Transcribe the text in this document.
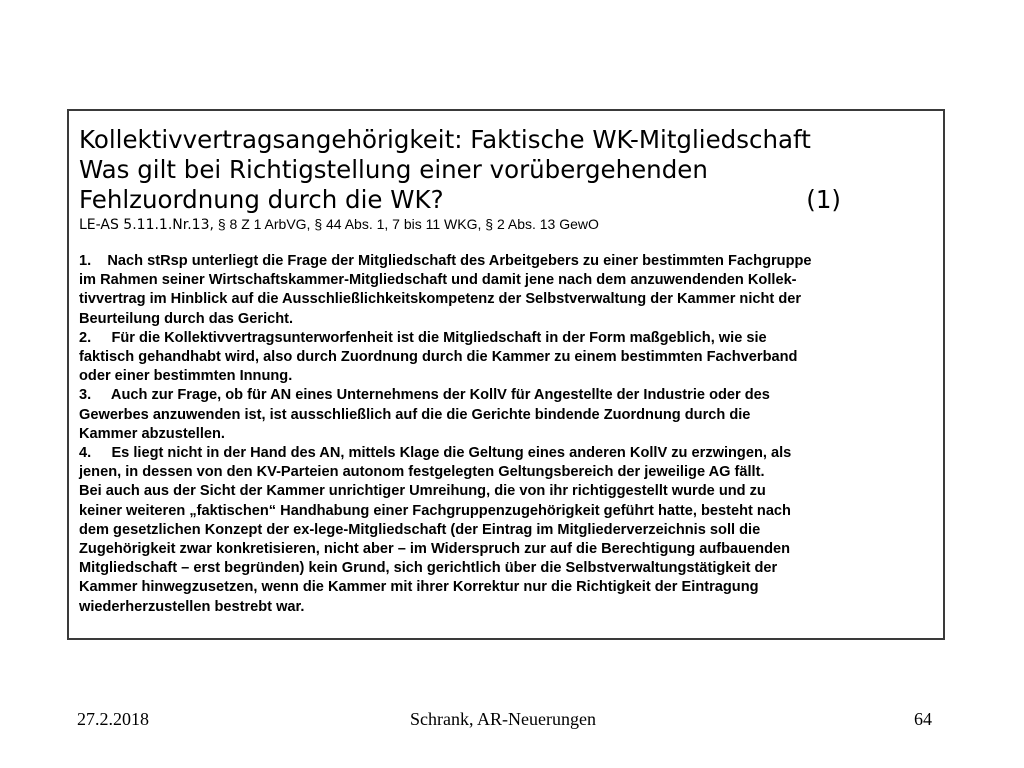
Kollektivvertragsangehörigkeit: Faktische WK-Mitgliedschaft
Was gilt bei Richtigstellung einer vorübergehenden
Fehlzuordnung durch die WK?	(1)
LE-AS 5.11.1.Nr.13, § 8 Z 1 ArbVG, § 44 Abs. 1, 7 bis 11 WKG, § 2 Abs. 13 GewO
1.    Nach stRsp unterliegt die Frage der Mitgliedschaft des Arbeitgebers zu einer bestimmten Fachgruppe
im Rahmen seiner Wirtschaftskammer-Mitgliedschaft und damit jene nach dem anzuwendenden Kollek-
tivvertrag im Hinblick auf die Ausschließlichkeitskompetenz der Selbstverwaltung der Kammer nicht der
Beurteilung durch das Gericht.
2.     Für die Kollektivvertragsunterworfenheit ist die Mitgliedschaft in der Form maßgeblich, wie sie
faktisch gehandhabt wird, also durch Zuordnung durch die Kammer zu einem bestimmten Fachverband
oder einer bestimmten Innung.
3.     Auch zur Frage, ob für AN eines Unternehmens der KollV für Angestellte der Industrie oder des
Gewerbes anzuwenden ist, ist ausschließlich auf die die Gerichte bindende Zuordnung durch die
Kammer abzustellen.
4.     Es liegt nicht in der Hand des AN, mittels Klage die Geltung eines anderen KollV zu erzwingen, als
jenen, in dessen von den KV-Parteien autonom festgelegten Geltungsbereich der jeweilige AG fällt.
Bei auch aus der Sicht der Kammer unrichtiger Umreihung, die von ihr richtiggestellt wurde und zu
keiner weiteren „faktischen“ Handhabung einer Fachgruppenzugehörigkeit geführt hatte, besteht nach
dem gesetzlichen Konzept der ex-lege-Mitgliedschaft (der Eintrag im Mitgliederverzeichnis soll die
Zugehörigkeit zwar konkretisieren, nicht aber – im Widerspruch zur auf die Berechtigung aufbauenden
Mitgliedschaft – erst begründen) kein Grund, sich gerichtlich über die Selbstverwaltungstätigkeit der
Kammer hinwegzusetzen, wenn die Kammer mit ihrer Korrektur nur die Richtigkeit der Eintragung
wiederherzustellen bestrebt war.
27.2.2018	Schrank, AR-Neuerungen	64
